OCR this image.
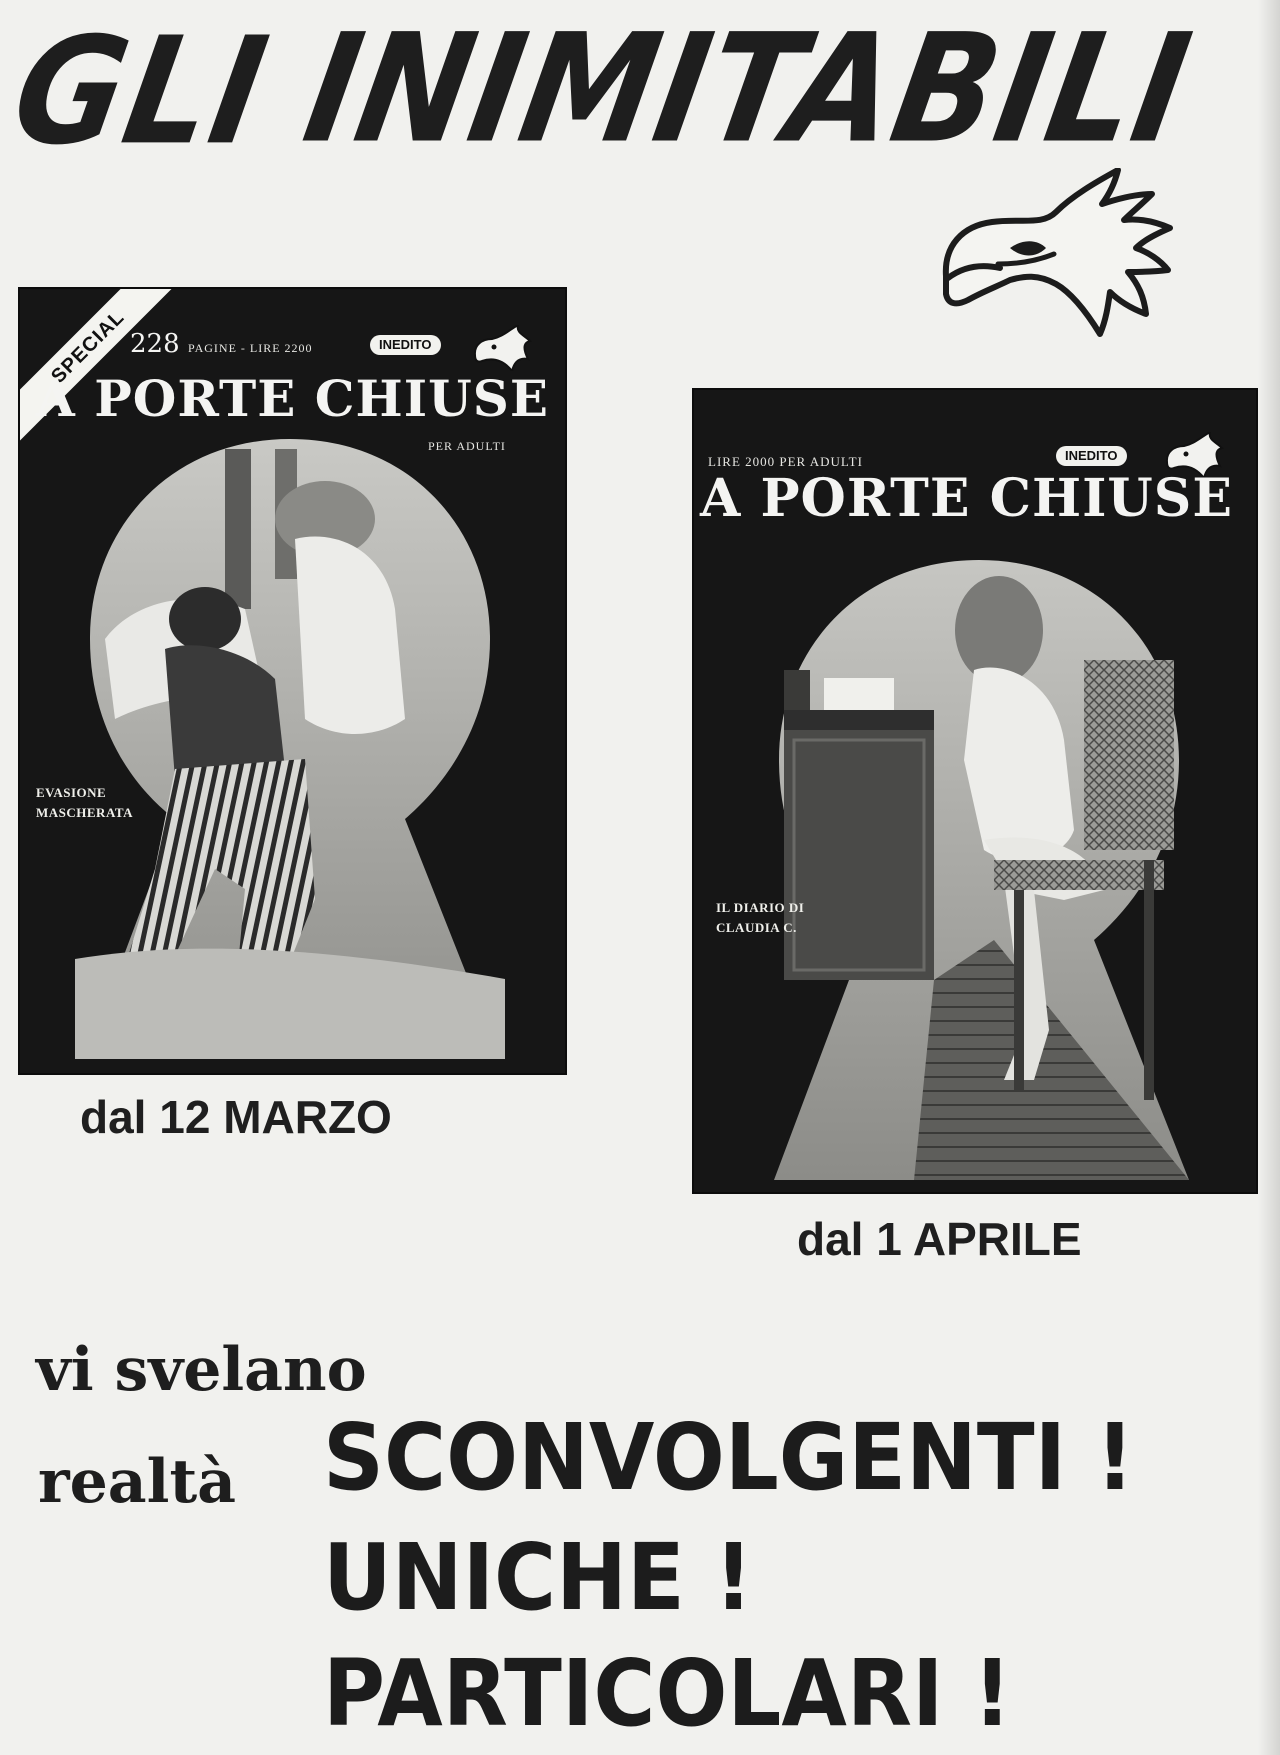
GLI INIMITABILI
SPECIAL 228 PAGINE - LIRE 2200	INEDITO
A PORTE CHIUSE
PER ADULTI
EVASIONE
MASCHERATA
dal 12 MARZO
LIRE 2000 PER ADULTI	INEDITO
A PORTE CHIUSE
IL DIARIO DI
CLAUDIA C.
dal 1 APRILE
vi svelano
realtà SCONVOLGENTI !
UNICHE !
PARTICOLARI !
